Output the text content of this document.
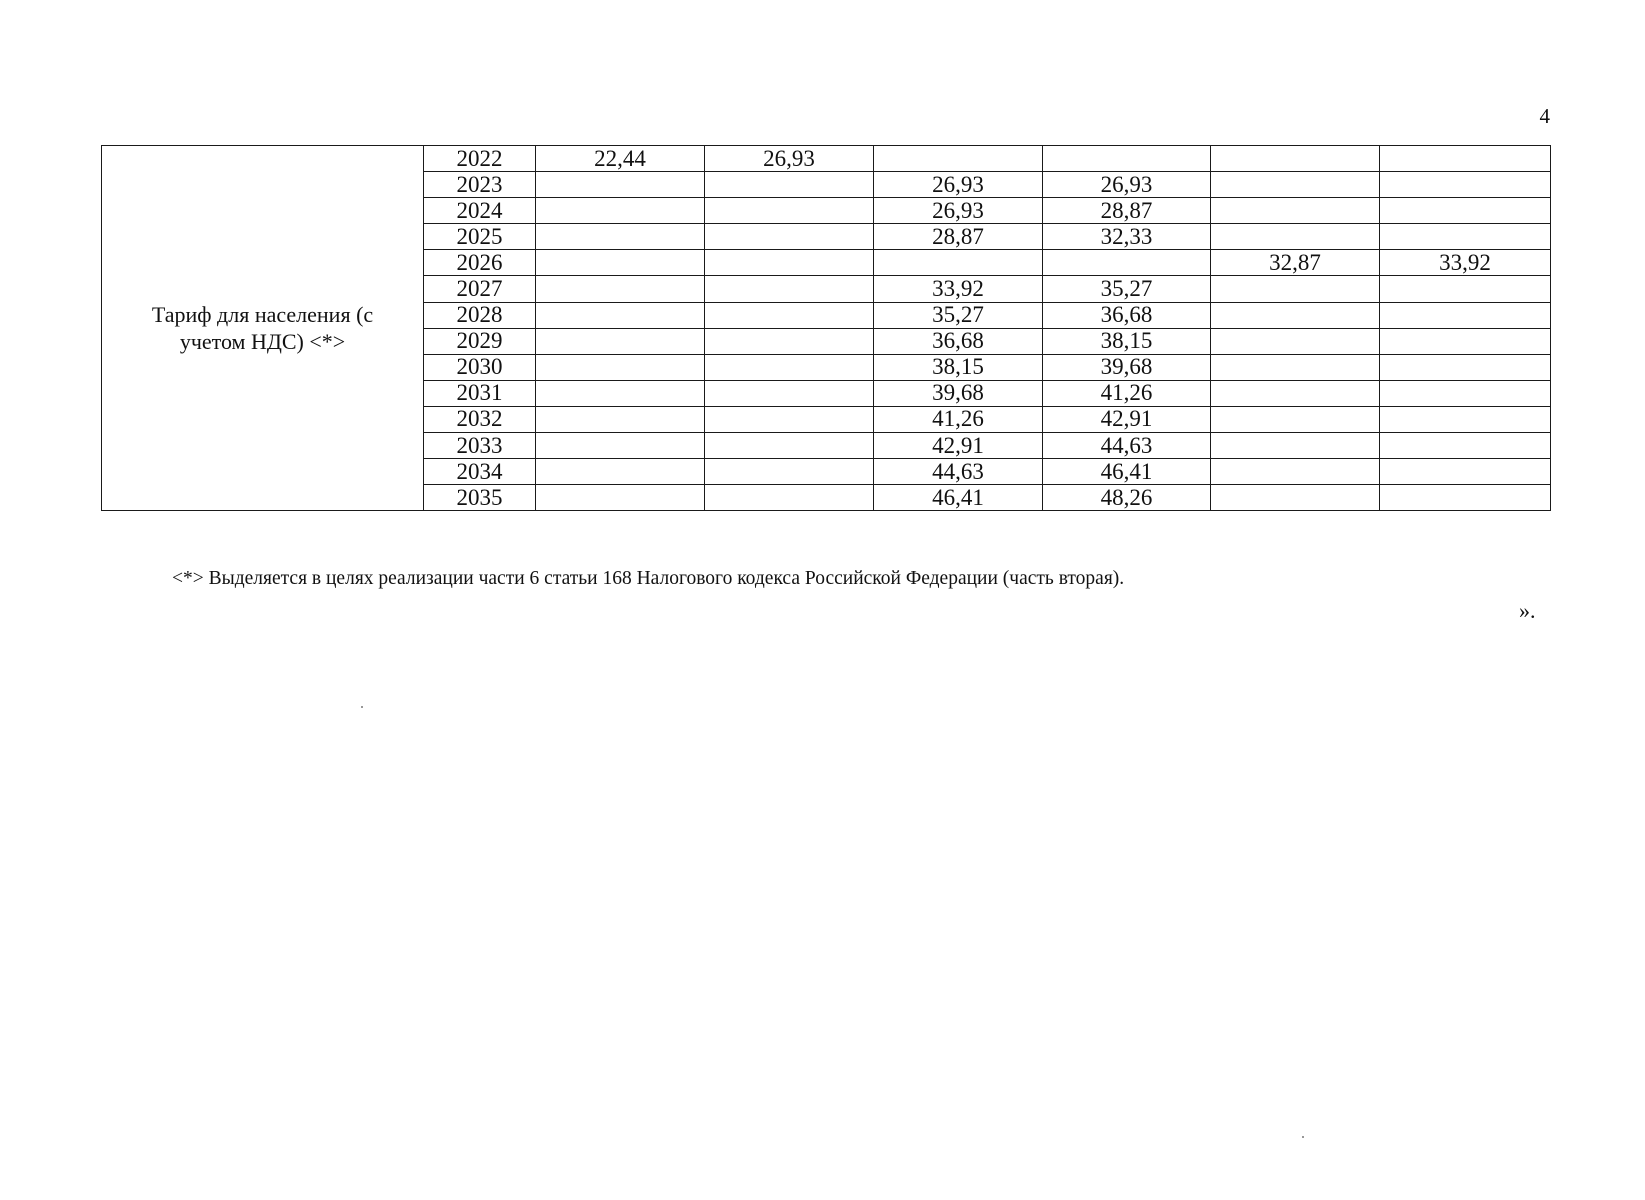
4
Тариф для населения (с учетом НДС) <*>	2022	22,44	26,93				
	2023			26,93	26,93		
	2024			26,93	28,87		
	2025			28,87	32,33		
	2026					32,87	33,92
	2027			33,92	35,27		
	2028			35,27	36,68		
	2029			36,68	38,15		
	2030			38,15	39,68		
	2031			39,68	41,26		
	2032			41,26	42,91		
	2033			42,91	44,63		
	2034			44,63	46,41		
	2035			46,41	48,26		
<*> Выделяется в целях реализации части 6 статьи 168 Налогового кодекса Российской Федерации (часть вторая).
».
